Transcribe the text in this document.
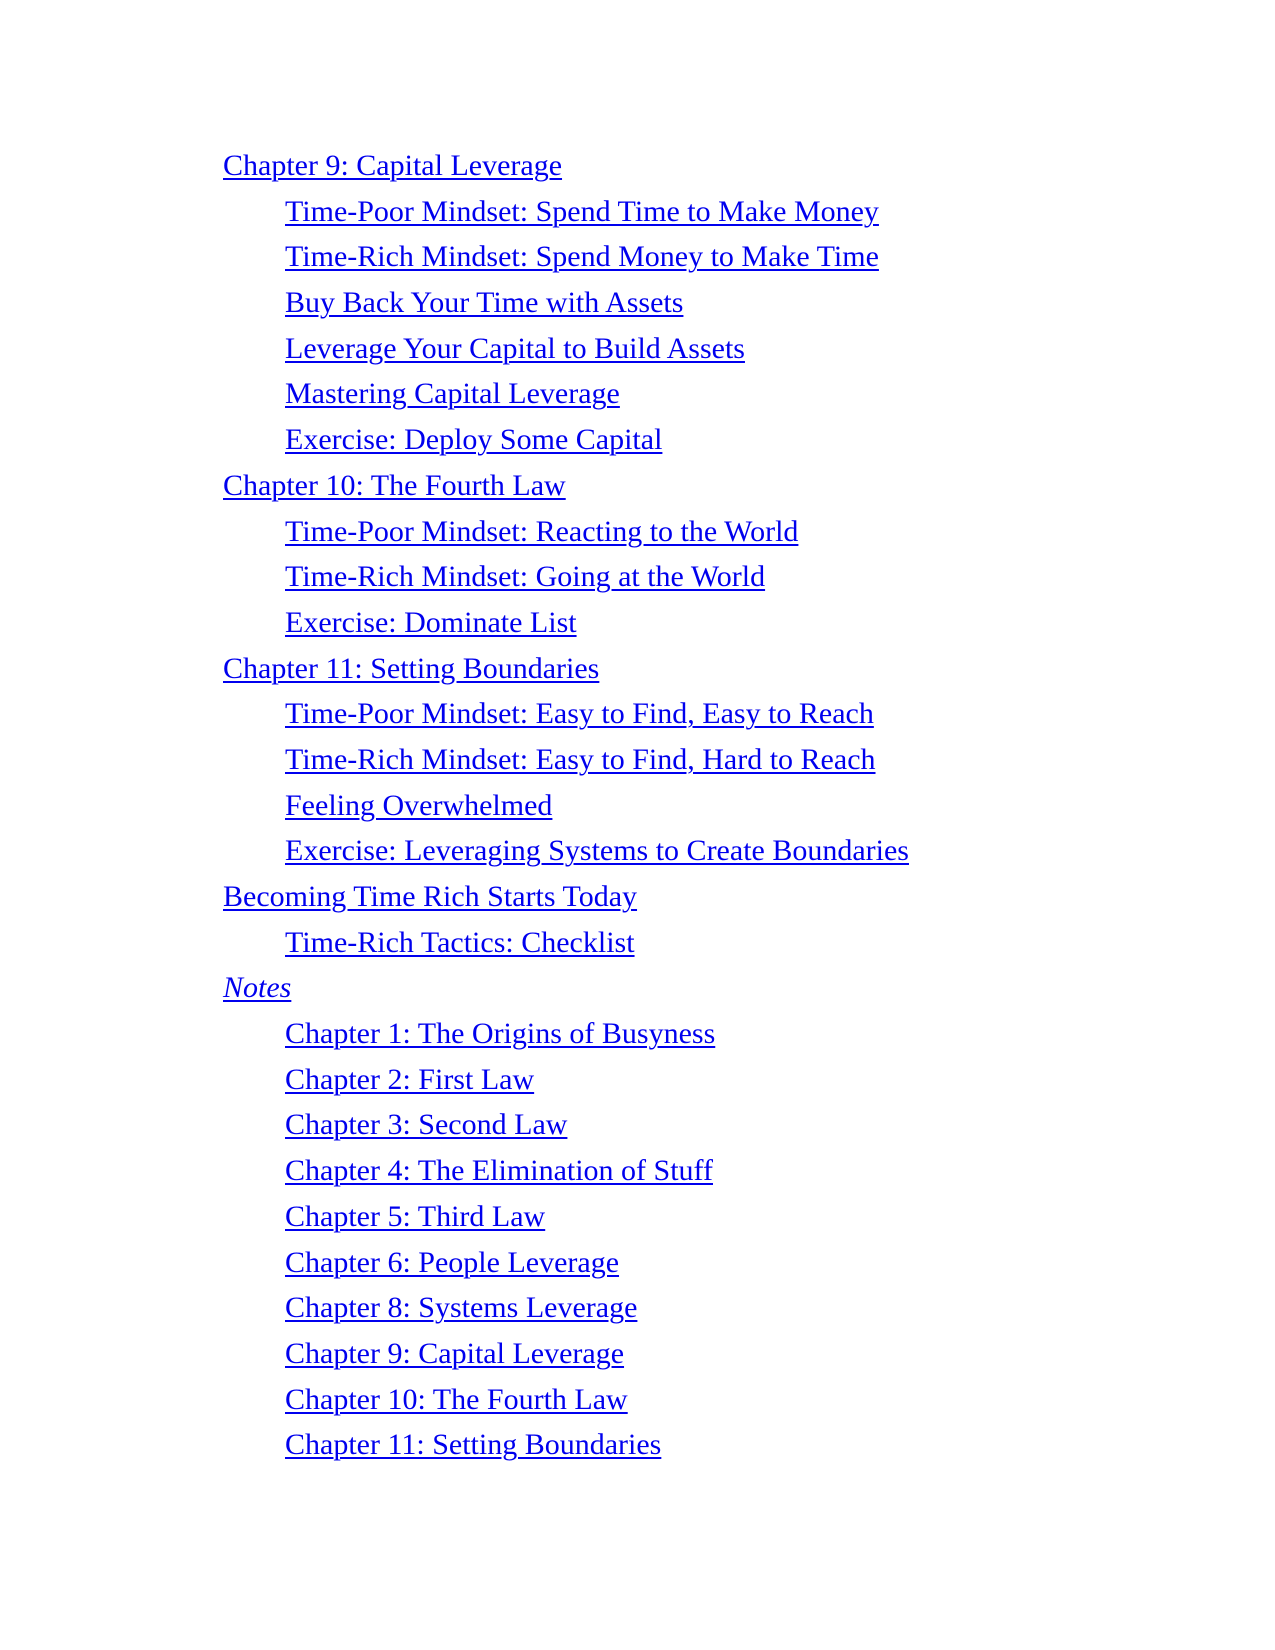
Chapter 9: Capital Leverage
Time-Poor Mindset: Spend Time to Make Money
Time-Rich Mindset: Spend Money to Make Time
Buy Back Your Time with Assets
Leverage Your Capital to Build Assets
Mastering Capital Leverage
Exercise: Deploy Some Capital
Chapter 10: The Fourth Law
Time-Poor Mindset: Reacting to the World
Time-Rich Mindset: Going at the World
Exercise: Dominate List
Chapter 11: Setting Boundaries
Time-Poor Mindset: Easy to Find, Easy to Reach
Time-Rich Mindset: Easy to Find, Hard to Reach
Feeling Overwhelmed
Exercise: Leveraging Systems to Create Boundaries
Becoming Time Rich Starts Today
Time-Rich Tactics: Checklist
Notes
Chapter 1: The Origins of Busyness
Chapter 2: First Law
Chapter 3: Second Law
Chapter 4: The Elimination of Stuff
Chapter 5: Third Law
Chapter 6: People Leverage
Chapter 8: Systems Leverage
Chapter 9: Capital Leverage
Chapter 10: The Fourth Law
Chapter 11: Setting Boundaries
